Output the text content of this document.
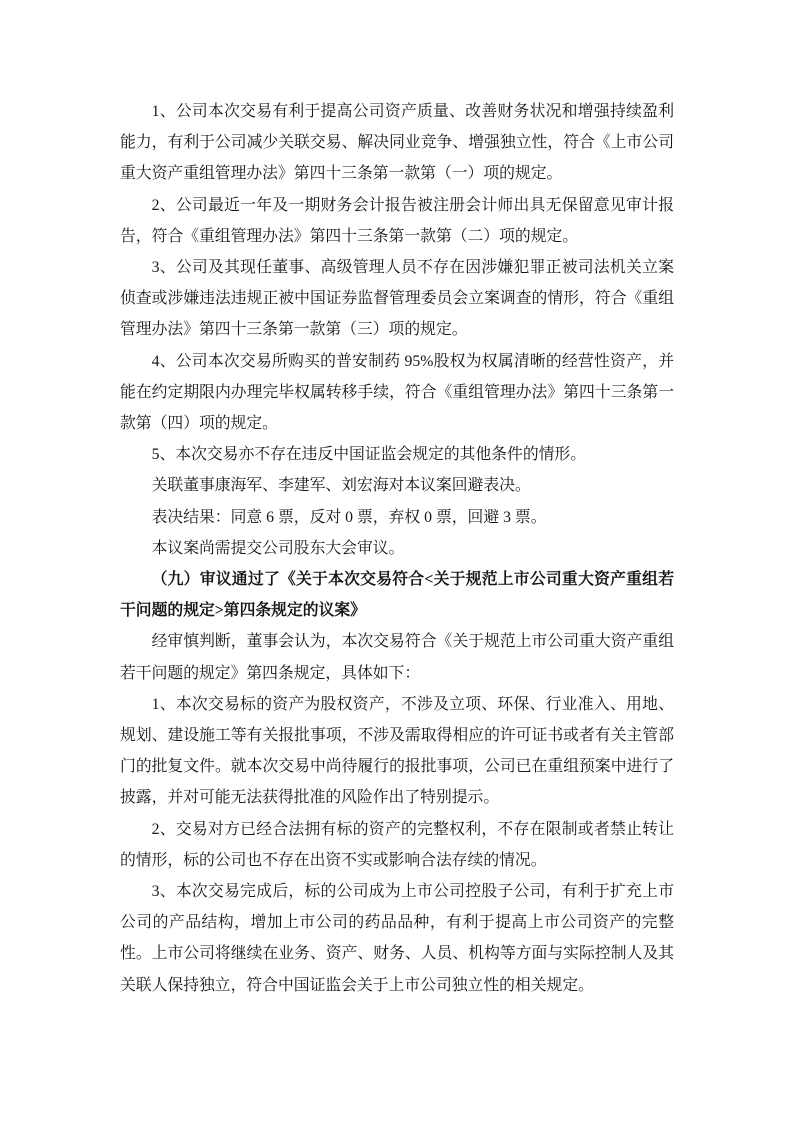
1、公司本次交易有利于提高公司资产质量、改善财务状况和增强持续盈利能力，有利于公司减少关联交易、解决同业竞争、增强独立性，符合《上市公司重大资产重组管理办法》第四十三条第一款第（一）项的规定。

2、公司最近一年及一期财务会计报告被注册会计师出具无保留意见审计报告，符合《重组管理办法》第四十三条第一款第（二）项的规定。

3、公司及其现任董事、高级管理人员不存在因涉嫌犯罪正被司法机关立案侦查或涉嫌违法违规正被中国证券监督管理委员会立案调查的情形，符合《重组管理办法》第四十三条第一款第（三）项的规定。

4、公司本次交易所购买的普安制药 95%股权为权属清晰的经营性资产，并能在约定期限内办理完毕权属转移手续，符合《重组管理办法》第四十三条第一款第（四）项的规定。

5、本次交易亦不存在违反中国证监会规定的其他条件的情形。

关联董事康海军、李建军、刘宏海对本议案回避表决。

表决结果：同意 6 票，反对 0 票，弃权 0 票，回避 3 票。

本议案尚需提交公司股东大会审议。

（九）审议通过了《关于本次交易符合<关于规范上市公司重大资产重组若干问题的规定>第四条规定的议案》

经审慎判断，董事会认为，本次交易符合《关于规范上市公司重大资产重组若干问题的规定》第四条规定，具体如下：

1、本次交易标的资产为股权资产，不涉及立项、环保、行业准入、用地、规划、建设施工等有关报批事项，不涉及需取得相应的许可证书或者有关主管部门的批复文件。就本次交易中尚待履行的报批事项，公司已在重组预案中进行了披露，并对可能无法获得批准的风险作出了特别提示。

2、交易对方已经合法拥有标的资产的完整权利，不存在限制或者禁止转让的情形，标的公司也不存在出资不实或影响合法存续的情况。

3、本次交易完成后，标的公司成为上市公司控股子公司，有利于扩充上市公司的产品结构，增加上市公司的药品品种，有利于提高上市公司资产的完整性。上市公司将继续在业务、资产、财务、人员、机构等方面与实际控制人及其关联人保持独立，符合中国证监会关于上市公司独立性的相关规定。
